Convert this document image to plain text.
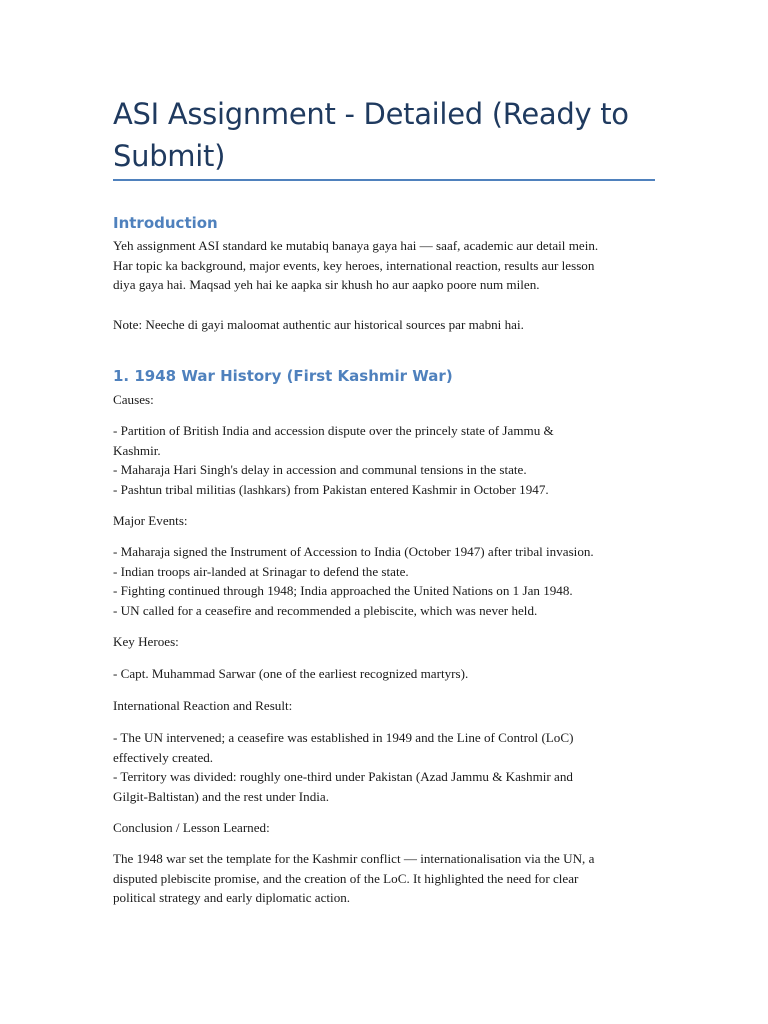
ASI Assignment - Detailed (Ready to
Submit)
Introduction

Yeh assignment ASI standard ke mutabiq banaya gaya hai — saaf, academic aur detail mein.
Har topic ka background, major events, key heroes, international reaction, results aur lesson
diya gaya hai. Maqsad yeh hai ke aapka sir khush ho aur aapko poore num milen.

Note: Neeche di gayi maloomat authentic aur historical sources par mabni hai.

1. 1948 War History (First Kashmir War)

Causes:

- Partition of British India and accession dispute over the princely state of Jammu &
Kashmir.
- Maharaja Hari Singh's delay in accession and communal tensions in the state.
- Pashtun tribal militias (lashkars) from Pakistan entered Kashmir in October 1947.

Major Events:

- Maharaja signed the Instrument of Accession to India (October 1947) after tribal invasion.
- Indian troops air-landed at Srinagar to defend the state.
- Fighting continued through 1948; India approached the United Nations on 1 Jan 1948.
- UN called for a ceasefire and recommended a plebiscite, which was never held.

Key Heroes:

- Capt. Muhammad Sarwar (one of the earliest recognized martyrs).

International Reaction and Result:

- The UN intervened; a ceasefire was established in 1949 and the Line of Control (LoC)
effectively created.
- Territory was divided: roughly one-third under Pakistan (Azad Jammu & Kashmir and
Gilgit-Baltistan) and the rest under India.

Conclusion / Lesson Learned:

The 1948 war set the template for the Kashmir conflict — internationalisation via the UN, a
disputed plebiscite promise, and the creation of the LoC. It highlighted the need for clear
political strategy and early diplomatic action.
